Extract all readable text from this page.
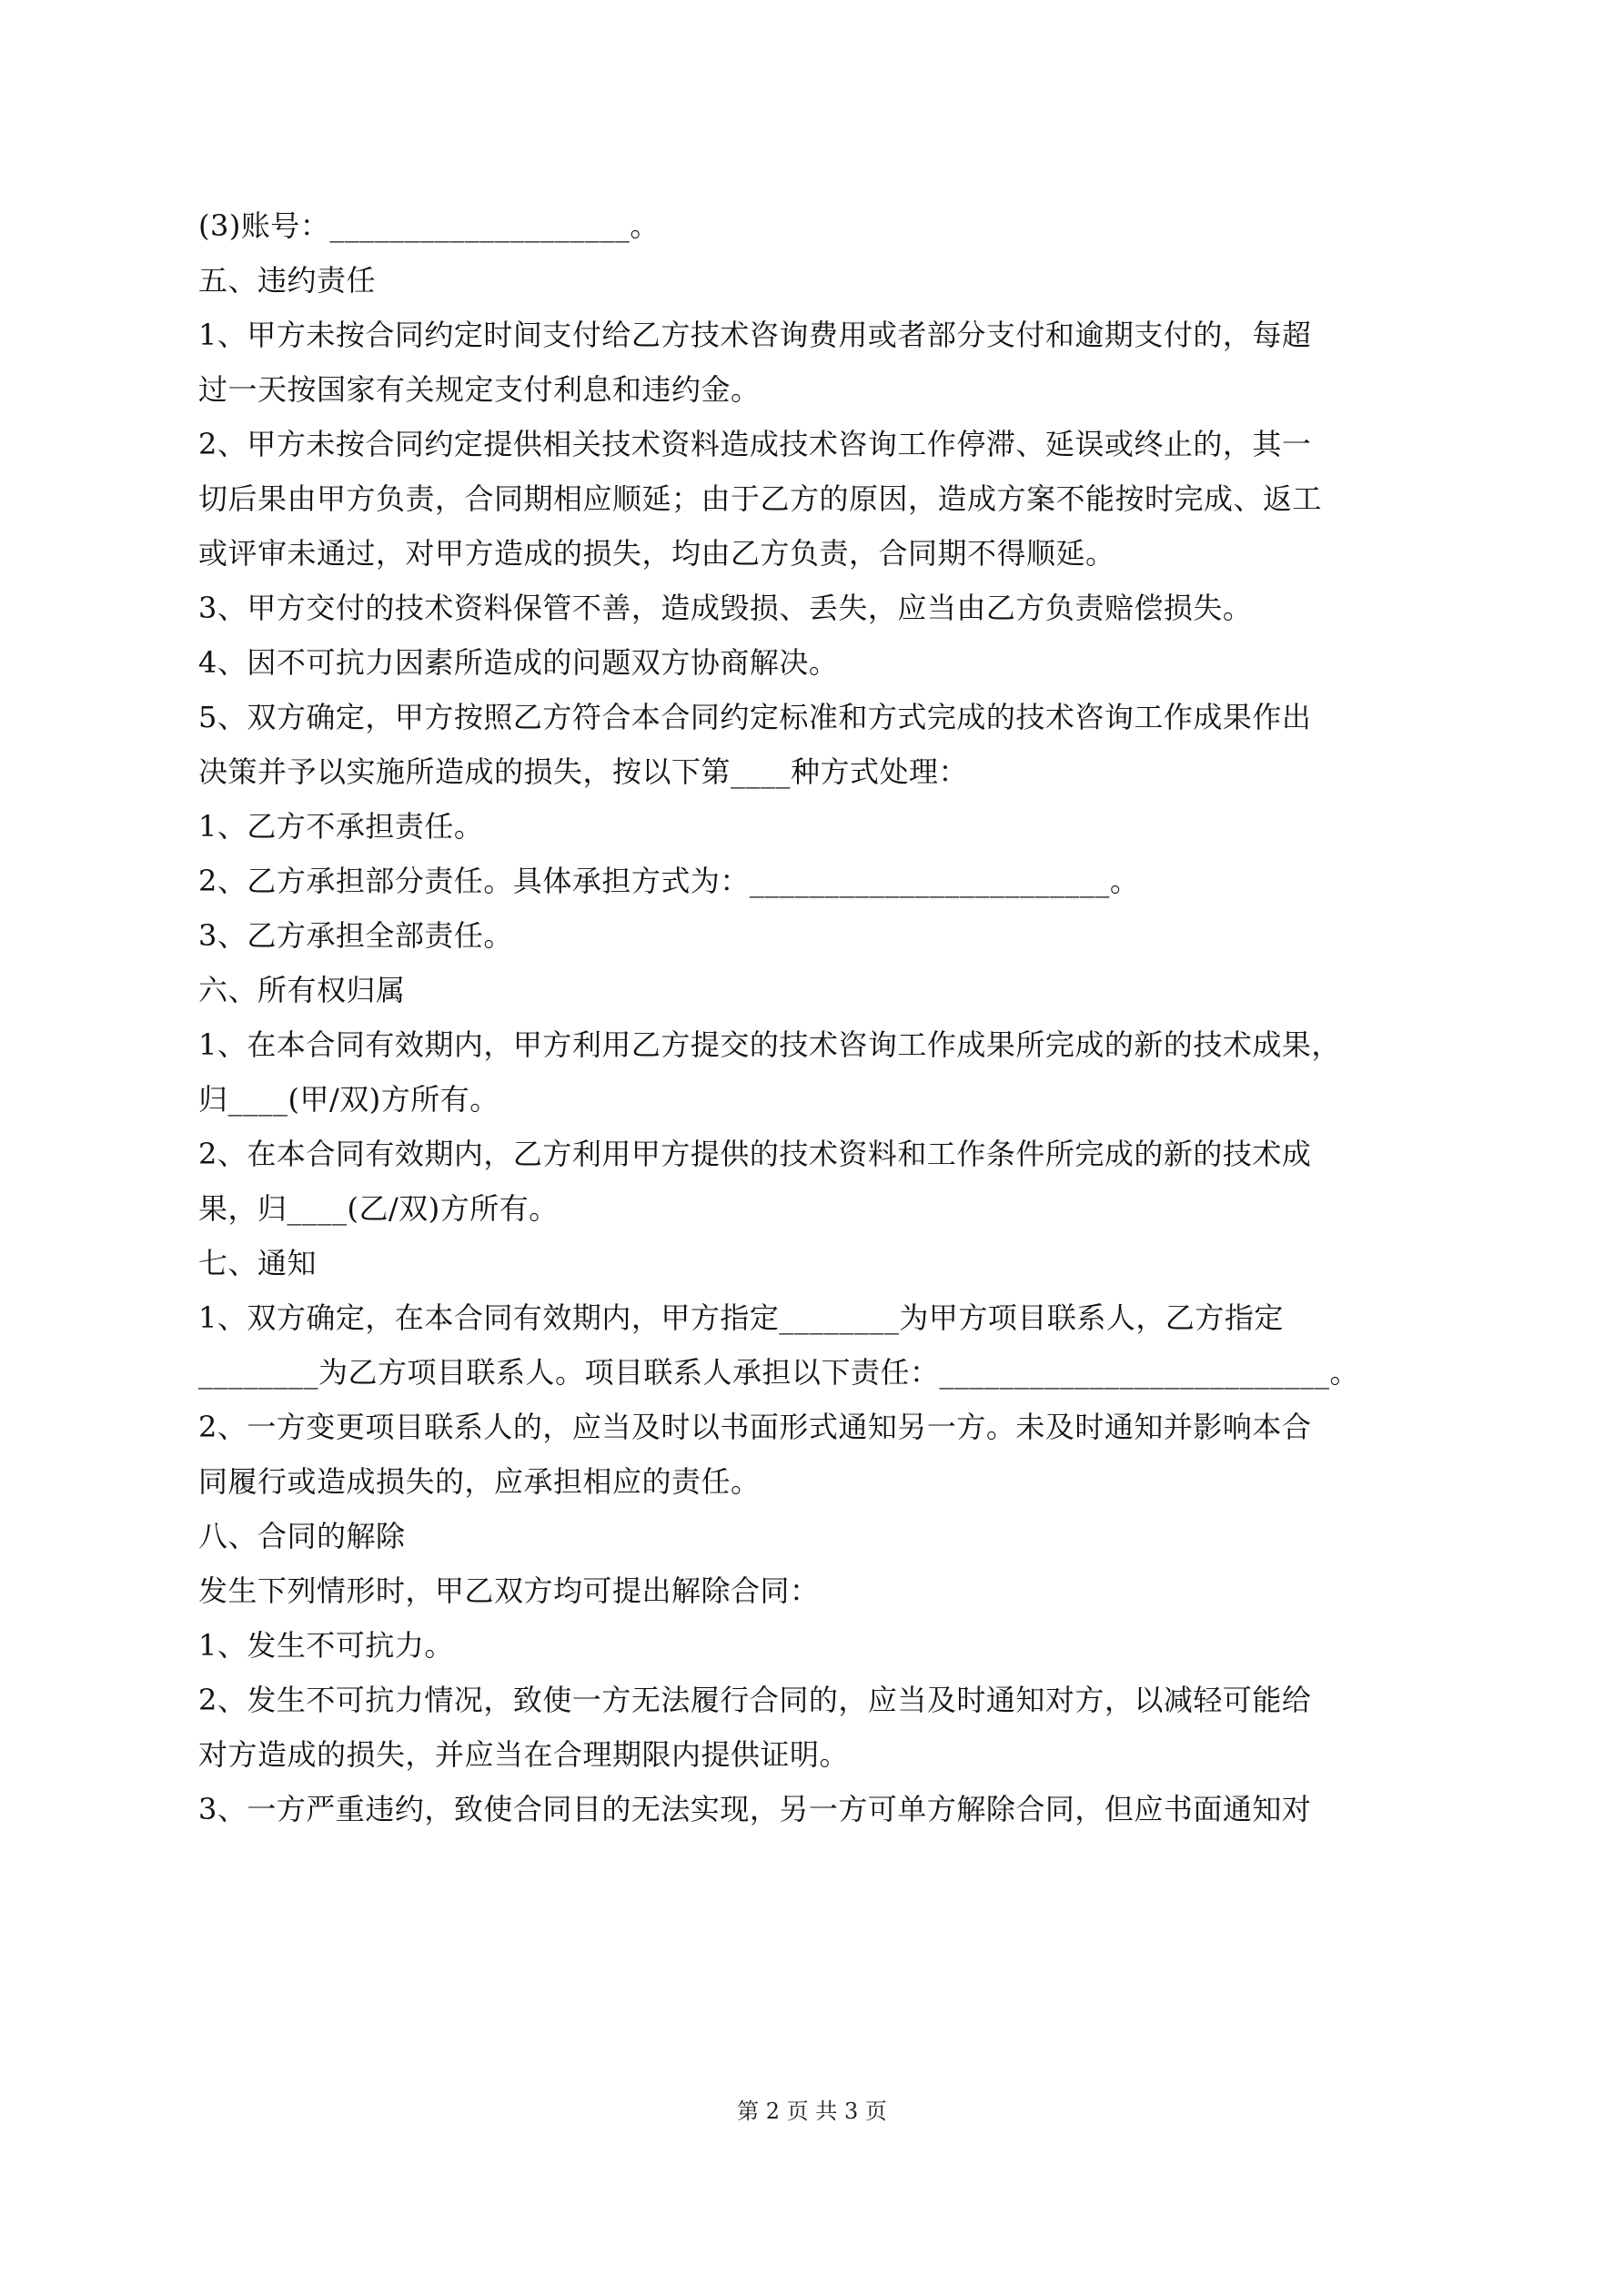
(3)账号：____________________。
五、违约责任
1、甲方未按合同约定时间支付给乙方技术咨询费用或者部分支付和逾期支付的，每超
过一天按国家有关规定支付利息和违约金。
2、甲方未按合同约定提供相关技术资料造成技术咨询工作停滞、延误或终止的，其一
切后果由甲方负责，合同期相应顺延；由于乙方的原因，造成方案不能按时完成、返工
或评审未通过，对甲方造成的损失，均由乙方负责，合同期不得顺延。
3、甲方交付的技术资料保管不善，造成毁损、丢失，应当由乙方负责赔偿损失。
4、因不可抗力因素所造成的问题双方协商解决。
5、双方确定，甲方按照乙方符合本合同约定标准和方式完成的技术咨询工作成果作出
决策并予以实施所造成的损失，按以下第____种方式处理：
1、乙方不承担责任。
2、乙方承担部分责任。具体承担方式为：________________________。
3、乙方承担全部责任。
六、所有权归属
1、在本合同有效期内，甲方利用乙方提交的技术咨询工作成果所完成的新的技术成果，
归____(甲/双)方所有。
2、在本合同有效期内，乙方利用甲方提供的技术资料和工作条件所完成的新的技术成
果，归____(乙/双)方所有。
七、通知
1、双方确定，在本合同有效期内，甲方指定________为甲方项目联系人，乙方指定
________为乙方项目联系人。项目联系人承担以下责任：__________________________。
2、一方变更项目联系人的，应当及时以书面形式通知另一方。未及时通知并影响本合
同履行或造成损失的，应承担相应的责任。
八、合同的解除
发生下列情形时，甲乙双方均可提出解除合同：
1、发生不可抗力。
2、发生不可抗力情况，致使一方无法履行合同的，应当及时通知对方，以减轻可能给
对方造成的损失，并应当在合理期限内提供证明。
3、一方严重违约，致使合同目的无法实现，另一方可单方解除合同，但应书面通知对
第 2 页 共 3 页
